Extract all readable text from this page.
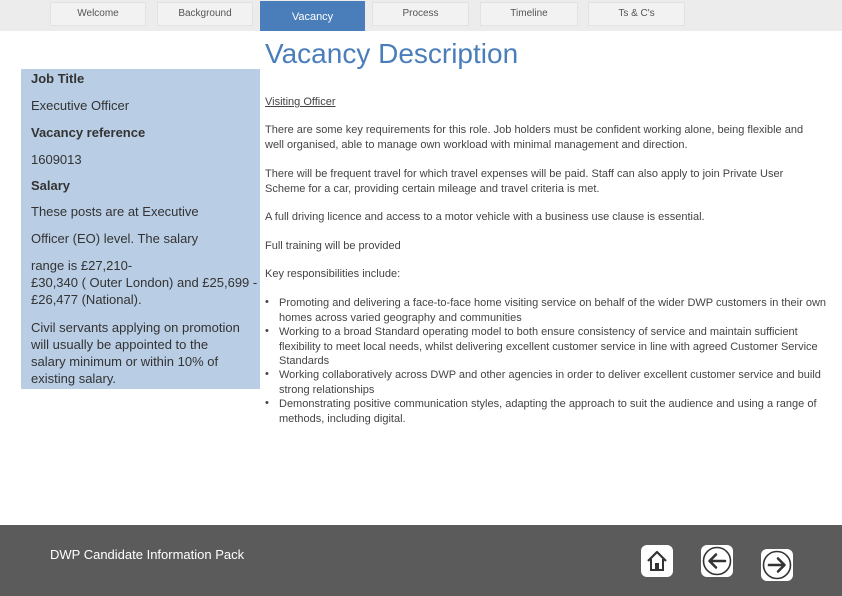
Welcome	Background	Vacancy	Process	Timeline	Ts & C's
Vacancy Description
Job Title
Executive Officer
Vacancy reference
1609013
Salary
These posts are at Executive
Officer (EO) level. The salary
range is £27,210-
£30,340 ( Outer London) and £25,699 -
£26,477 (National).
Civil servants applying on promotion
will usually be appointed to the
salary minimum or within 10% of
existing salary.
Visiting Officer
There are some key requirements for this role. Job holders must be confident working alone, being flexible and well organised, able to manage own workload with minimal management and direction.
There will be frequent travel for which travel expenses will be paid. Staff can also apply to join Private User Scheme for a car, providing certain mileage and travel criteria is met.
A full driving licence and access to a motor vehicle with a business use clause is essential.
Full training will be provided
Key responsibilities include:
• Promoting and delivering a face-to-face home visiting service on behalf of the wider DWP customers in their own homes across varied geography and communities
• Working to a broad Standard operating model to both ensure consistency of service and maintain sufficient flexibility to meet local needs, whilst delivering excellent customer service in line with agreed Customer Service Standards
• Working collaboratively across DWP and other agencies in order to deliver excellent customer service and build strong relationships
• Demonstrating positive communication styles, adapting the approach to suit the audience and using a range of methods, including digital.
DWP Candidate Information Pack
